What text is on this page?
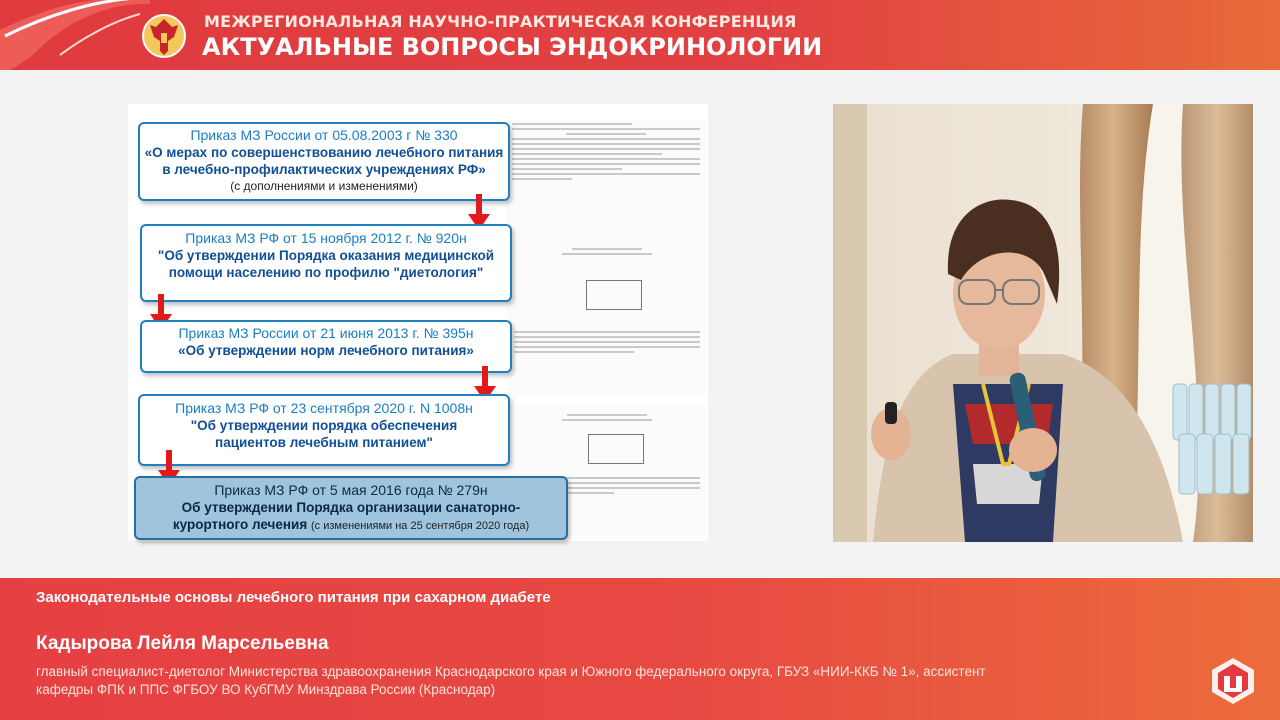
МЕЖРЕГИОНАЛЬНАЯ НАУЧНО-ПРАКТИЧЕСКАЯ КОНФЕРЕНЦИЯ
АКТУАЛЬНЫЕ ВОПРОСЫ ЭНДОКРИНОЛОГИИ
Приказ МЗ России от 05.08.2003 г № 330
«О мерах по совершенствованию лечебного питания в лечебно-профилактических учреждениях РФ»
(с дополнениями и изменениями)
Приказ МЗ РФ от 15 ноября 2012 г. № 920н
"Об утверждении Порядка оказания медицинской помощи населению по профилю "диетология"
Приказ МЗ России от 21 июня 2013 г. № 395н
«Об утверждении норм лечебного питания»
Приказ МЗ РФ от 23 сентября 2020 г. N 1008н
"Об утверждении порядка обеспечения пациентов лечебным питанием"
Приказ МЗ РФ от 5 мая 2016 года № 279н
Об утверждении Порядка организации санаторно-курортного лечения (с изменениями на 25 сентября 2020 года)
Законодательные основы лечебного питания при сахарном диабете
Кадырова Лейля Марсельевна
главный специалист-диетолог Министерства здравоохранения Краснодарского края и Южного федерального округа, ГБУЗ «НИИ-ККБ № 1», ассистент кафедры ФПК и ППС ФГБОУ ВО КубГМУ Минздрава России (Краснодар)
